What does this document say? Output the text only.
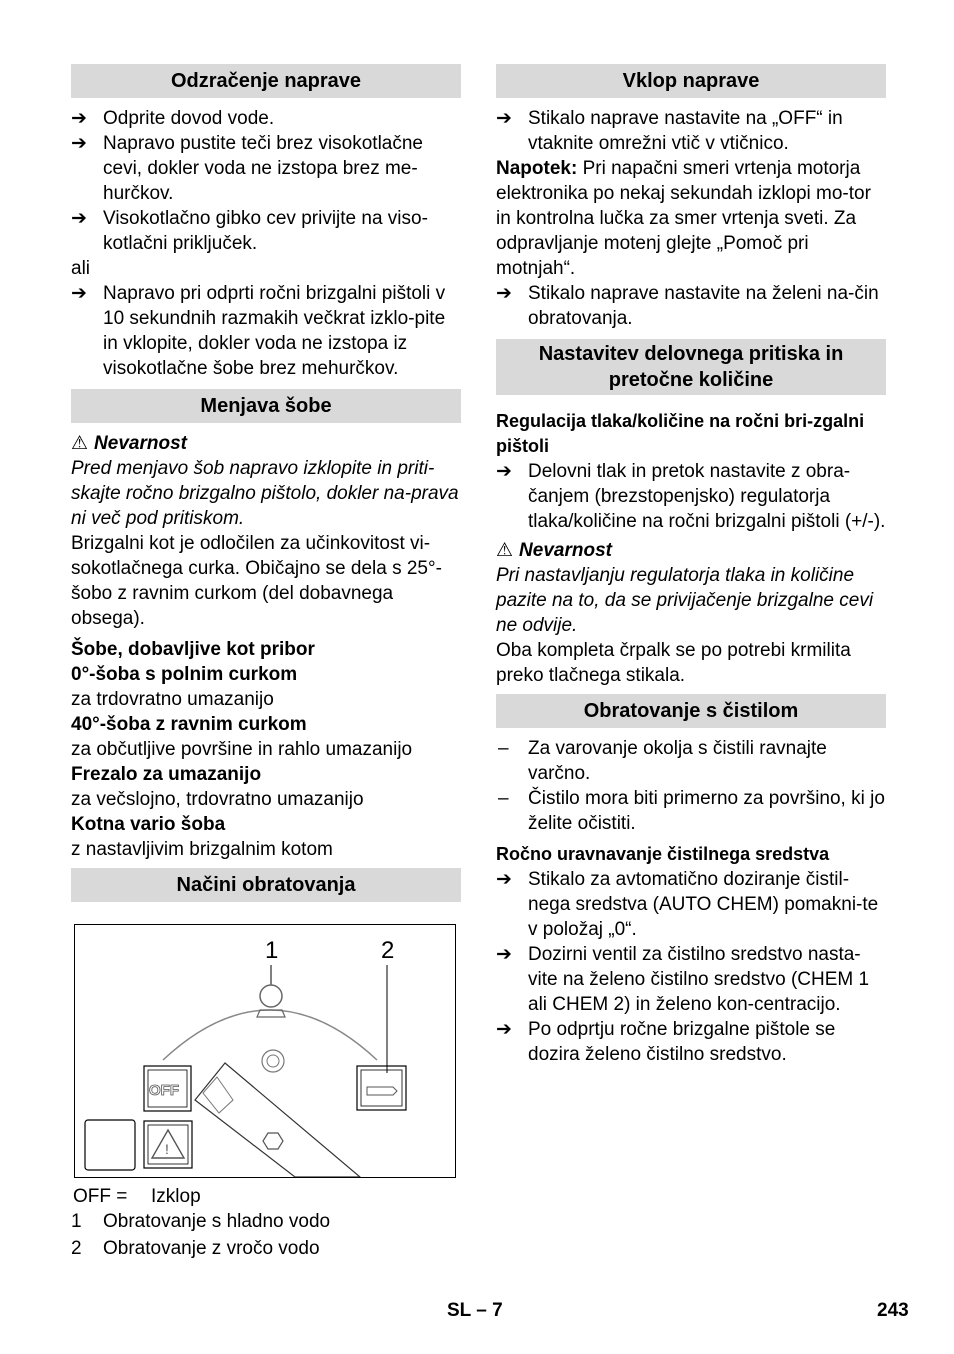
Odzračenje naprave
➔ Odprite dovod vode.
➔ Napravo pustite teči brez visokotlačne cevi, dokler voda ne izstopa brez me-hurčkov.
➔ Visokotlačno gibko cev privijte na viso-kotlačni priključek.

ali

➔ Napravo pri odprti ročni brizgalni pištoli v 10 sekundnih razmakih večkrat izklo-pite in vklopite, dokler voda ne izstopa iz visokotlačne šobe brez mehurčkov.
Menjava šobe

⚠ Nevarnost

Pred menjavo šob napravo izklopite in priti-skajte ročno brizgalno pištolo, dokler na-prava ni več pod pritiskom.

Brizgalni kot je odločilen za učinkovitost vi-sokotlačnega curka. Običajno se dela s 25°-šobo z ravnim curkom (del dobavnega obsega).

Šobe, dobavljive kot pribor

0°-šoba s polnim curkom

za trdovratno umazanijo

40°-šoba z ravnim curkom

za občutljive površine in rahlo umazanijo

Frezalo za umazanijo

za večslojno, trdovratno umazanijo

Kotna vario šoba

z nastavljivim brizgalnim kotom

Načini obratovanja
1	2
OFF
!
OFF = Izklop
1 Obratovanje s hladno vodo
2 Obratovanje z vročo vodo
Vklop naprave
➔ Stikalo naprave nastavite na „OFF“ in vtaknite omrežni vtič v vtičnico.

Napotek: Pri napačni smeri vrtenja motorja elektronika po nekaj sekundah izklopi mo-tor in kontrolna lučka za smer vrtenja sveti. Za odpravljanje motenj glejte „Pomoč pri motnjah“.

➔ Stikalo naprave nastavite na želeni na-čin obratovanja.
Nastavitev delovnega pritiska in pretočne količine

Regulacija tlaka/količine na ročni bri-zgalni pištoli

➔ Delovni tlak in pretok nastavite z obra-čanjem (brezstopenjsko) regulatorja tlaka/količine na ročni brizgalni pištoli (+/-).

⚠ Nevarnost

Pri nastavljanju regulatorja tlaka in količine pazite na to, da se privijačenje brizgalne cevi ne odvije.

Oba kompleta črpalk se po potrebi krmilita preko tlačnega stikala.

Obratovanje s čistilom
– Za varovanje okolja s čistili ravnajte varčno.
– Čistilo mora biti primerno za površino, ki jo želite očistiti.

Ročno uravnavanje čistilnega sredstva

➔ Stikalo za avtomatično doziranje čistil-nega sredstva (AUTO CHEM) pomakni-te v položaj „0“.
➔ Dozirni ventil za čistilno sredstvo nasta-vite na želeno čistilno sredstvo (CHEM 1 ali CHEM 2) in želeno kon-centracijo.
➔ Po odprtju ročne brizgalne pištole se dozira želeno čistilno sredstvo.
SL – 7	243
